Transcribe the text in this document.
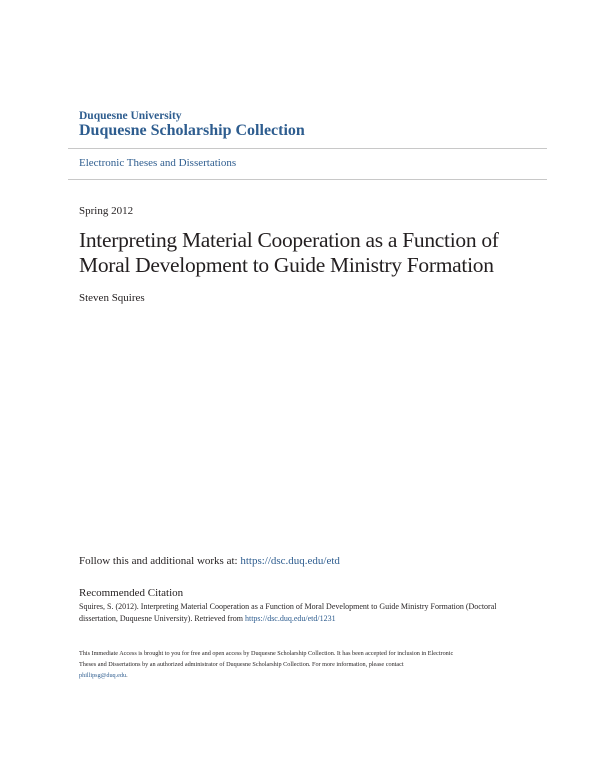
Duquesne University
Duquesne Scholarship Collection
Electronic Theses and Dissertations
Spring 2012
Interpreting Material Cooperation as a Function of
Moral Development to Guide Ministry Formation
Steven Squires
Follow this and additional works at: https://dsc.duq.edu/etd
Recommended Citation
Squires, S. (2012). Interpreting Material Cooperation as a Function of Moral Development to Guide Ministry Formation (Doctoral
dissertation, Duquesne University). Retrieved from https://dsc.duq.edu/etd/1231
This Immediate Access is brought to you for free and open access by Duquesne Scholarship Collection. It has been accepted for inclusion in Electronic
Theses and Dissertations by an authorized administrator of Duquesne Scholarship Collection. For more information, please contact
phillipsg@duq.edu.
